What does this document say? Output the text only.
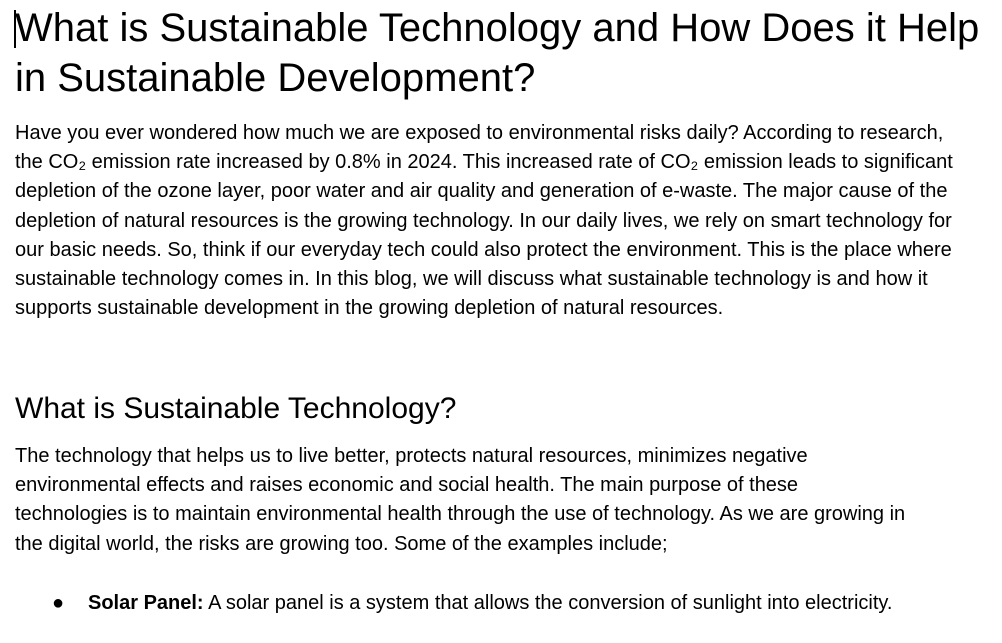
What is Sustainable Technology and How Does it Help in Sustainable Development?

Have you ever wondered how much we are exposed to environmental risks daily? According to research, the CO₂ emission rate increased by 0.8% in 2024. This increased rate of CO₂ emission leads to significant depletion of the ozone layer, poor water and air quality and generation of e-waste. The major cause of the depletion of natural resources is the growing technology. In our daily lives, we rely on smart technology for our basic needs. So, think if our everyday tech could also protect the environment. This is the place where sustainable technology comes in. In this blog, we will discuss what sustainable technology is and how it supports sustainable development in the growing depletion of natural resources.

What is Sustainable Technology?

The technology that helps us to live better, protects natural resources, minimizes negative environmental effects and raises economic and social health. The main purpose of these technologies is to maintain environmental health through the use of technology. As we are growing in the digital world, the risks are growing too. Some of the examples include;

● Solar Panel: A solar panel is a system that allows the conversion of sunlight into electricity.
